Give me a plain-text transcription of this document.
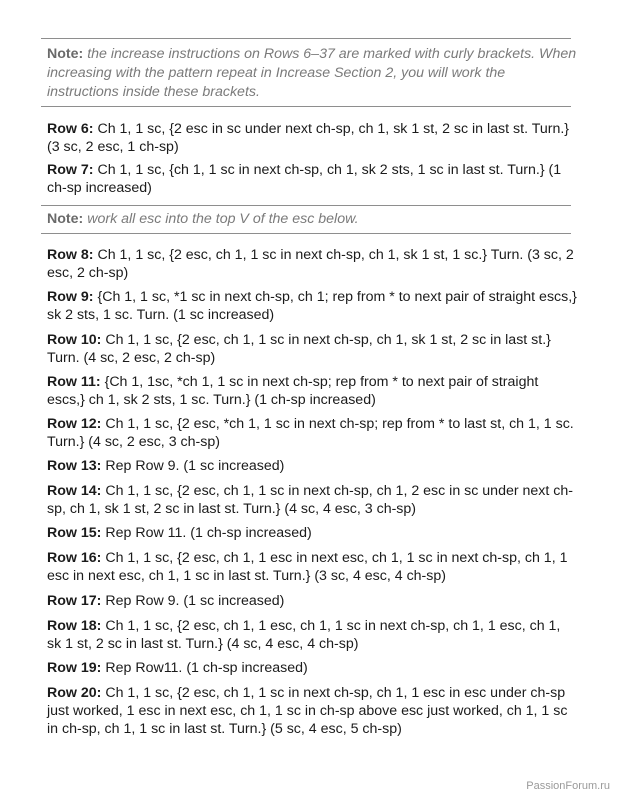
Note: the increase instructions on Rows 6–37 are marked with curly brackets. When increasing with the pattern repeat in Increase Section 2, you will work the instructions inside these brackets.

Row 6: Ch 1, 1 sc, {2 esc in sc under next ch-sp, ch 1, sk 1 st, 2 sc in last st. Turn.} (3 sc, 2 esc, 1 ch-sp)

Row 7: Ch 1, 1 sc, {ch 1, 1 sc in next ch-sp, ch 1, sk 2 sts, 1 sc in last st. Turn.} (1 ch-sp increased)

Note: work all esc into the top V of the esc below.

Row 8: Ch 1, 1 sc, {2 esc, ch 1, 1 sc in next ch-sp, ch 1, sk 1 st, 1 sc.} Turn. (3 sc, 2 esc, 2 ch-sp)

Row 9: {Ch 1, 1 sc, *1 sc in next ch-sp, ch 1; rep from * to next pair of straight escs,} sk 2 sts, 1 sc. Turn. (1 sc increased)

Row 10: Ch 1, 1 sc, {2 esc, ch 1, 1 sc in next ch-sp, ch 1, sk 1 st, 2 sc in last st.} Turn. (4 sc, 2 esc, 2 ch-sp)

Row 11: {Ch 1, 1sc, *ch 1, 1 sc in next ch-sp; rep from * to next pair of straight escs,} ch 1, sk 2 sts, 1 sc. Turn.} (1 ch-sp increased)

Row 12: Ch 1, 1 sc, {2 esc, *ch 1, 1 sc in next ch-sp; rep from * to last st, ch 1, 1 sc. Turn.} (4 sc, 2 esc, 3 ch-sp)

Row 13: Rep Row 9. (1 sc increased)

Row 14: Ch 1, 1 sc, {2 esc, ch 1, 1 sc in next ch-sp, ch 1, 2 esc in sc under next ch-sp, ch 1, sk 1 st, 2 sc in last st. Turn.} (4 sc, 4 esc, 3 ch-sp)

Row 15: Rep Row 11. (1 ch-sp increased)

Row 16: Ch 1, 1 sc, {2 esc, ch 1, 1 esc in next esc, ch 1, 1 sc in next ch-sp, ch 1, 1 esc in next esc, ch 1, 1 sc in last st. Turn.} (3 sc, 4 esc, 4 ch-sp)

Row 17: Rep Row 9. (1 sc increased)

Row 18: Ch 1, 1 sc, {2 esc, ch 1, 1 esc, ch 1, 1 sc in next ch-sp, ch 1, 1 esc, ch 1, sk 1 st, 2 sc in last st. Turn.} (4 sc, 4 esc, 4 ch-sp)

Row 19: Rep Row11. (1 ch-sp increased)

Row 20: Ch 1, 1 sc, {2 esc, ch 1, 1 sc in next ch-sp, ch 1, 1 esc in esc under ch-sp just worked, 1 esc in next esc, ch 1, 1 sc in ch-sp above esc just worked, ch 1, 1 sc in ch-sp, ch 1, 1 sc in last st. Turn.} (5 sc, 4 esc, 5 ch-sp)

PassionForum.ru
